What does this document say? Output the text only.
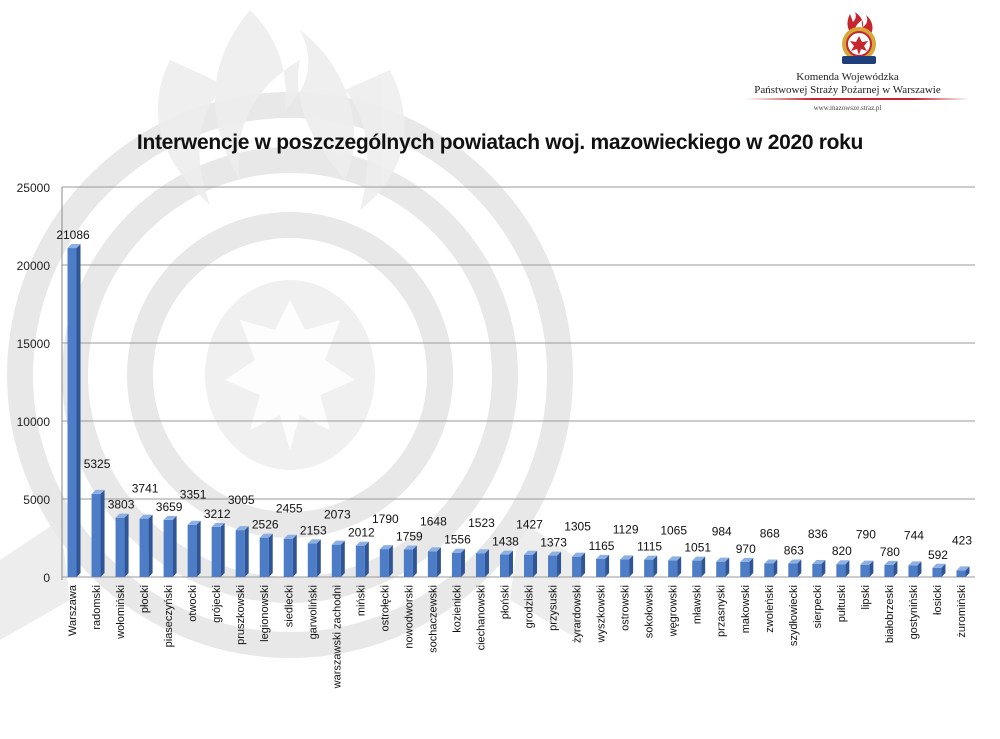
Komenda Wojewódzka
Państwowej Straży Pożarnej w Warszawie
www.mazowsze.straz.pl
Interwencje w poszczególnych powiatach woj. mazowieckiego w 2020 roku
0
5000
10000
15000
20000
25000
21086
Warszawa
5325
radomski
3803
wołomiński
3741
płocki
3659
piaseczyński
3351
otwocki
3212
grójecki
3005
pruszkowski
2526
legionowski
2455
siedlecki
2153
garwoliński
2073
warszawski zachodni
2012
miński
1790
ostrołęcki
1759
nowodworski
1648
sochaczewski
1556
kozienicki
1523
ciechanowski
1438
płoński
1427
grodziski
1373
przysuski
1305
żyrardowski
1165
wyszkowski
1129
ostrowski
1115
sokołowski
1065
węgrowski
1051
mławski
984
przasnyski
970
makowski
868
zwoleński
863
szydłowiecki
836
sierpecki
820
pułtuski
790
lipski
780
białobrzeski
744
gostyniński
592
łosicki
423
żuromiński
